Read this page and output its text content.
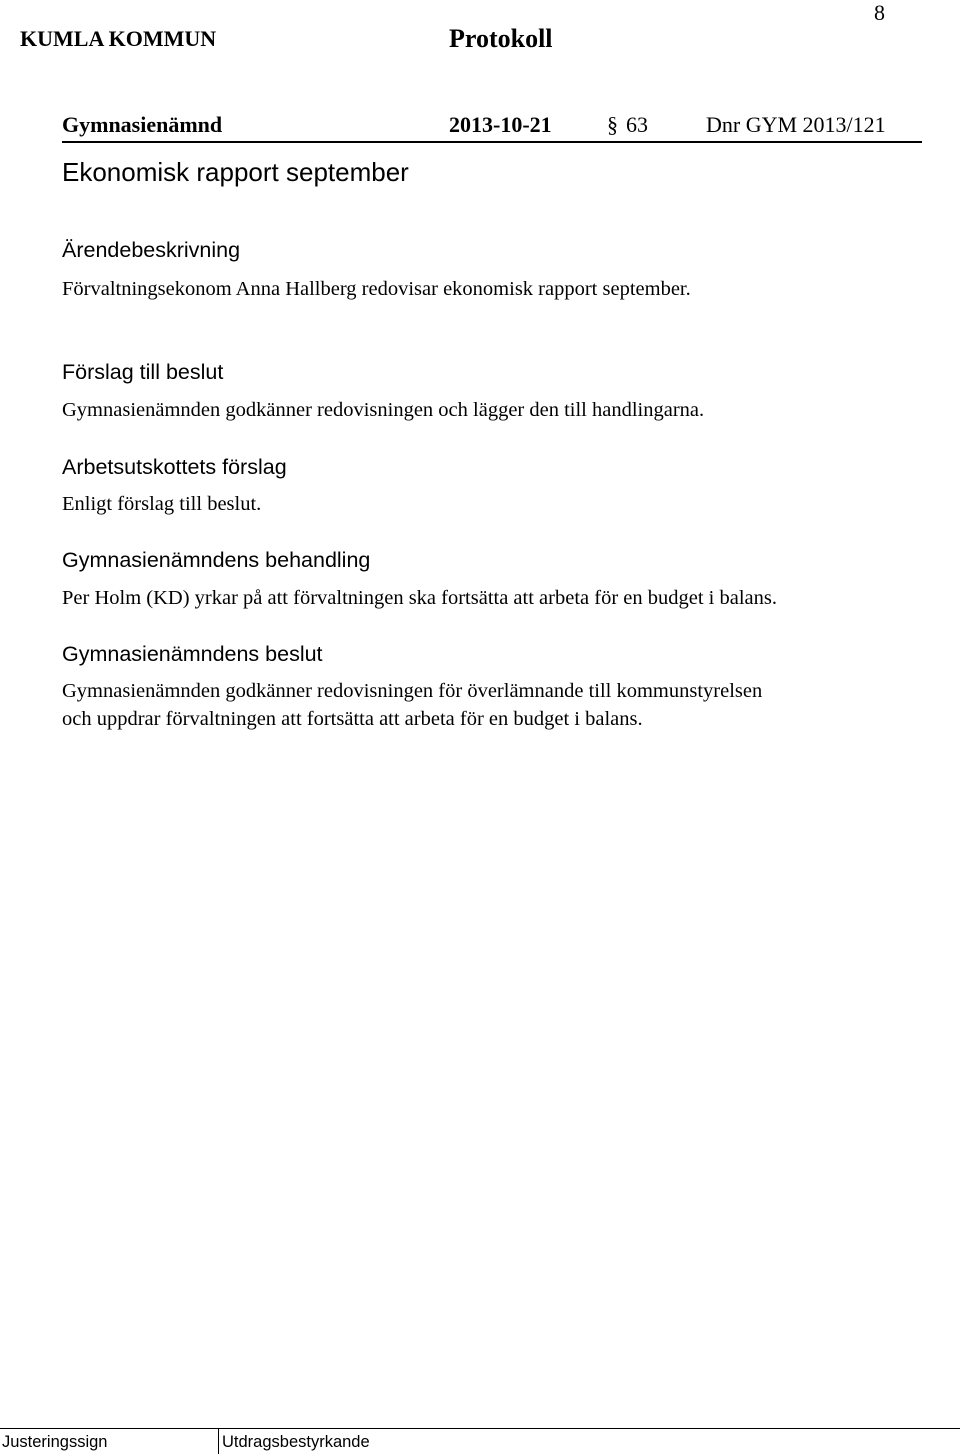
8
KUMLA KOMMUN	Protokoll
Gymnasienämnd	2013-10-21	§ 63	Dnr GYM 2013/121
Ekonomisk rapport september
Ärendebeskrivning
Förvaltningsekonom Anna Hallberg redovisar ekonomisk rapport september.
Förslag till beslut
Gymnasienämnden godkänner redovisningen och lägger den till handlingarna.
Arbetsutskottets förslag
Enligt förslag till beslut.
Gymnasienämndens behandling
Per Holm (KD) yrkar på att förvaltningen ska fortsätta att arbeta för en budget i balans.
Gymnasienämndens beslut
Gymnasienämnden godkänner redovisningen för överlämnande till kommunstyrelsen
och uppdrar förvaltningen att fortsätta att arbeta för en budget i balans.
Justeringssign	Utdragsbestyrkande
